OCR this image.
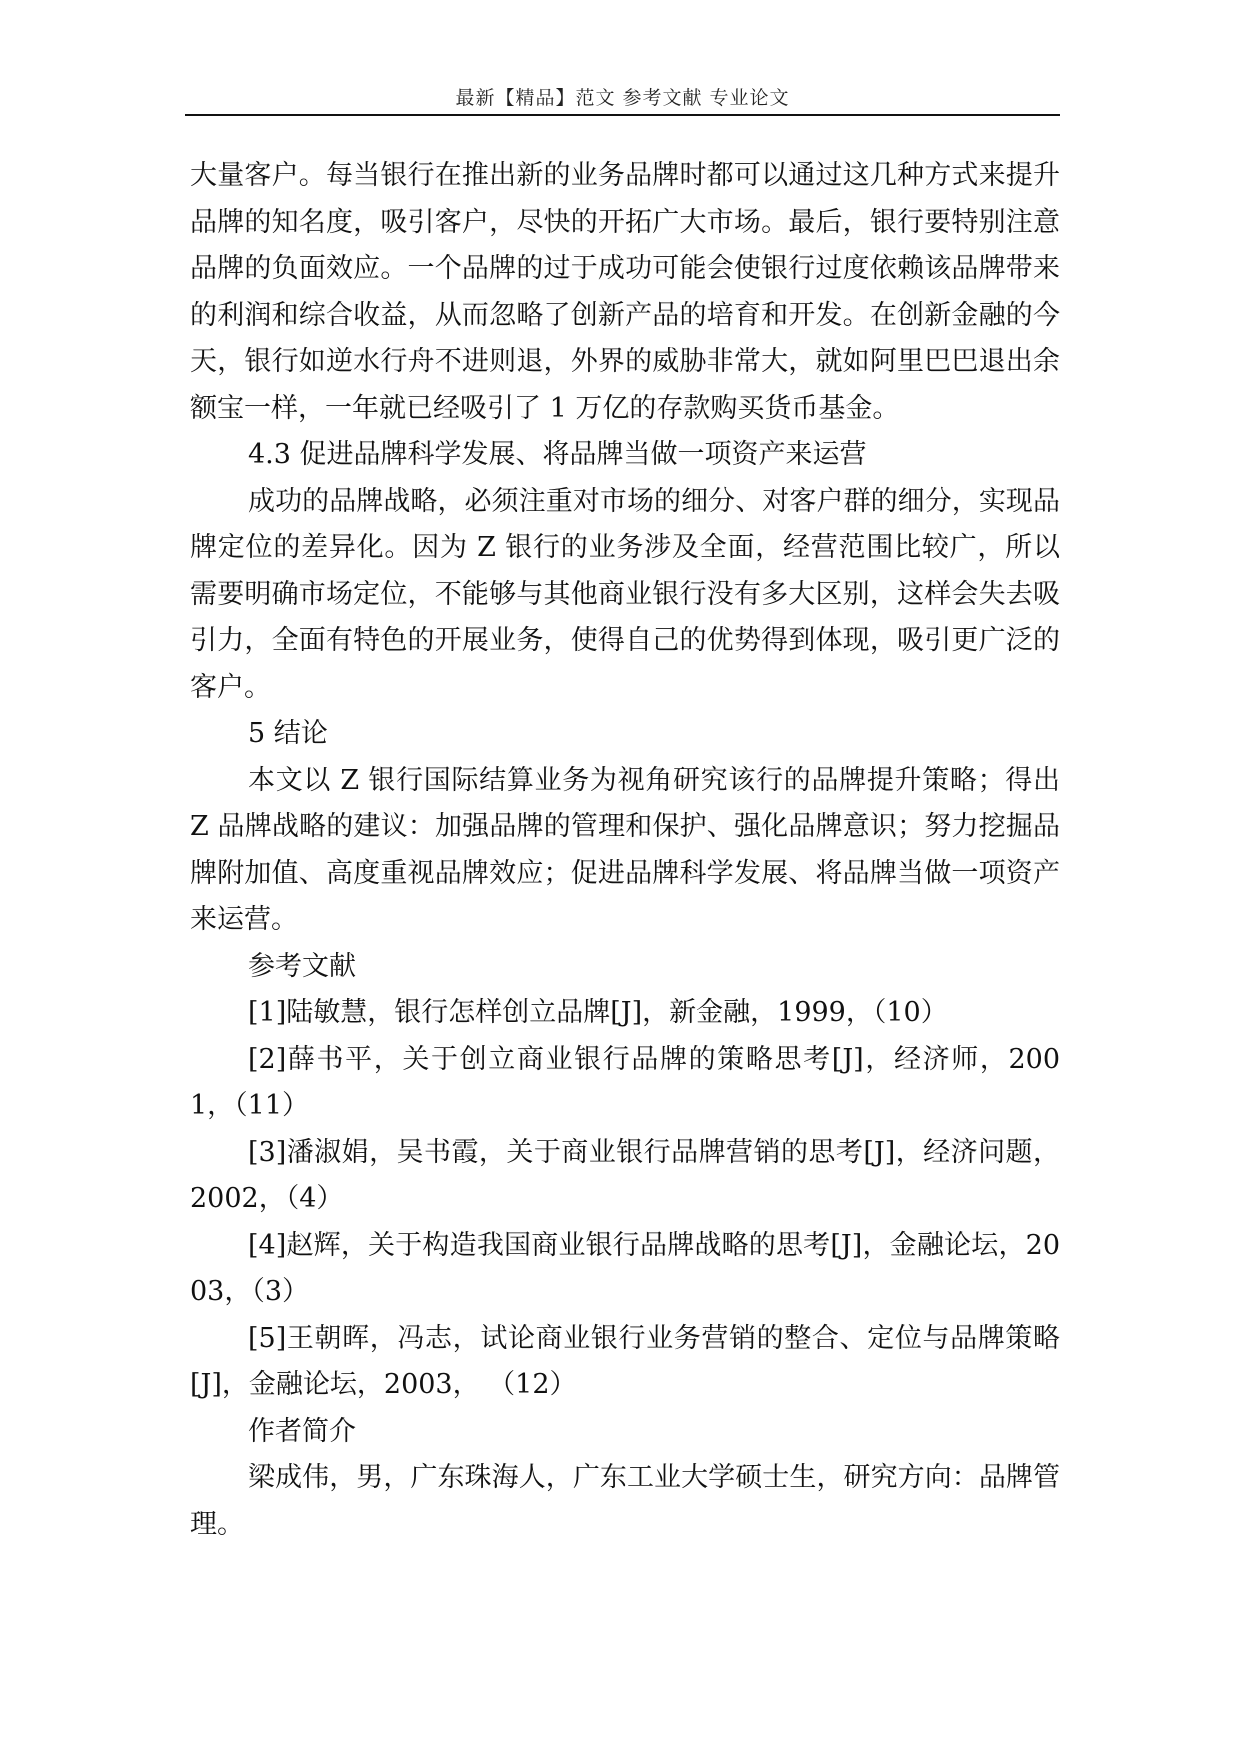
最新【精品】范文 参考文献 专业论文

大量客户。每当银行在推出新的业务品牌时都可以通过这几种方式来提升品牌的知名度，吸引客户，尽快的开拓广大市场。最后，银行要特别注意品牌的负面效应。一个品牌的过于成功可能会使银行过度依赖该品牌带来的利润和综合收益，从而忽略了创新产品的培育和开发。在创新金融的今天，银行如逆水行舟不进则退，外界的威胁非常大，就如阿里巴巴退出余额宝一样，一年就已经吸引了 1 万亿的存款购买货币基金。

4.3 促进品牌科学发展、将品牌当做一项资产来运营

成功的品牌战略，必须注重对市场的细分、对客户群的细分，实现品牌定位的差异化。因为 Z 银行的业务涉及全面，经营范围比较广，所以需要明确市场定位，不能够与其他商业银行没有多大区别，这样会失去吸引力，全面有特色的开展业务，使得自己的优势得到体现，吸引更广泛的客户。

5 结论

本文以 Z 银行国际结算业务为视角研究该行的品牌提升策略；得出 Z 品牌战略的建议：加强品牌的管理和保护、强化品牌意识；努力挖掘品牌附加值、高度重视品牌效应；促进品牌科学发展、将品牌当做一项资产来运营。

参考文献

[1]陆敏慧，银行怎样创立品牌[J]，新金融，1999，（10）

[2]薛书平，关于创立商业银行品牌的策略思考[J]，经济师，2001，（11）

[3]潘淑娟，吴书霞，关于商业银行品牌营销的思考[J]，经济问题，2002，（4）

[4]赵辉，关于构造我国商业银行品牌战略的思考[J]，金融论坛，2003，（3）

[5]王朝晖，冯志，试论商业银行业务营销的整合、定位与品牌策略[J]，金融论坛，2003， （12）

作者简介

梁成伟，男，广东珠海人，广东工业大学硕士生，研究方向：品牌管理。
